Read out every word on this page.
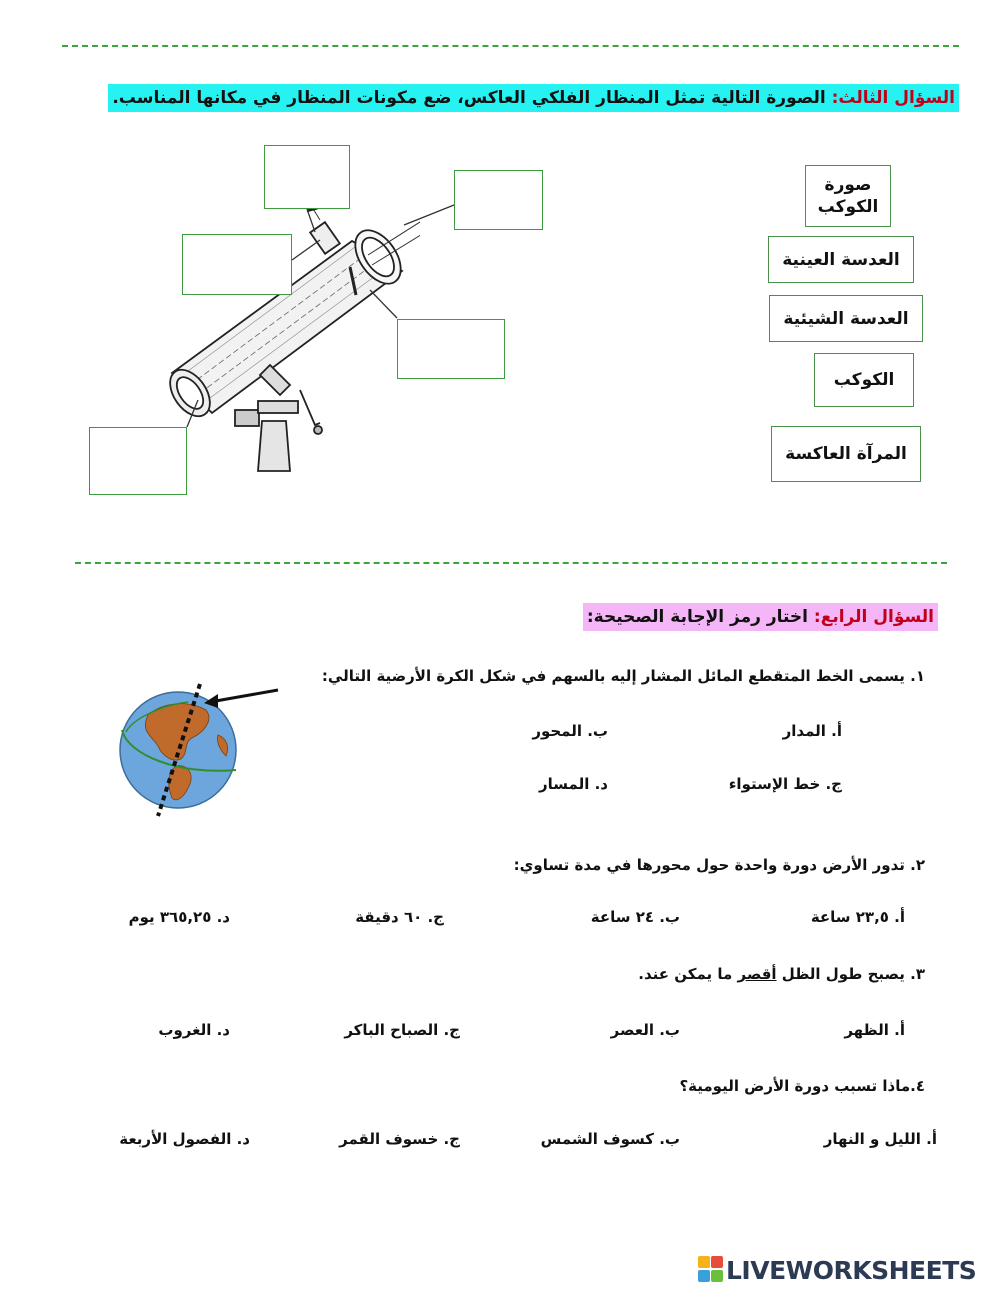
السؤال الثالث: الصورة التالية تمثل المنظار الفلكي العاكس، ضع مكونات المنظار في مكانها المناسب.
صورة الكوكب
العدسة العينية
العدسة الشيئية
الكوكب
المرآة العاكسة
السؤال الرابع: اختار رمز الإجابة الصحيحة:
١. يسمى الخط المتقطع المائل المشار إليه بالسهم في شكل الكرة الأرضية التالي:
أ. المدار
ب. المحور
ج. خط الإستواء
د. المسار
٢. تدور الأرض دورة واحدة حول محورها في مدة تساوي:
أ. ٢٣,٥ ساعة
ب. ٢٤ ساعة
ج. ٦٠ دقيقة
د. ٣٦٥,٢٥ يوم
٣. يصبح طول الظل أقصر ما يمكن عند.
أ. الظهر
ب. العصر
ج. الصباح الباكر
د. الغروب
٤.ماذا تسبب دورة الأرض اليومية؟
أ. الليل و النهار
ب. كسوف الشمس
ج. خسوف القمر
د. الفصول الأربعة
LIVEWORKSHEETS
